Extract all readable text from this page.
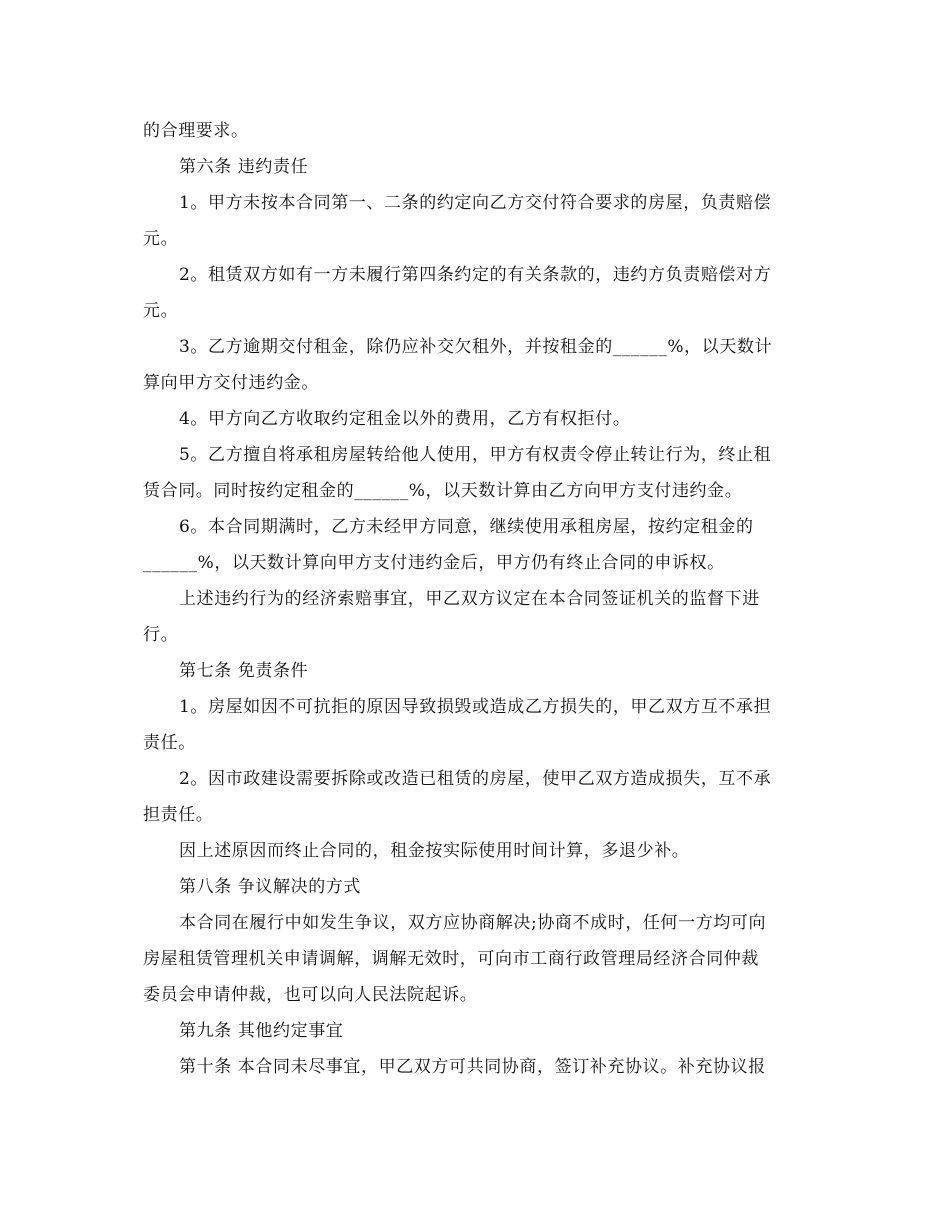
的合理要求。
第六条 违约责任
1。甲方未按本合同第一、二条的约定向乙方交付符合要求的房屋，负责赔偿
元。
2。租赁双方如有一方未履行第四条约定的有关条款的，违约方负责赔偿对方
元。
3。乙方逾期交付租金，除仍应补交欠租外，并按租金的______%，以天数计
算向甲方交付违约金。
4。甲方向乙方收取约定租金以外的费用，乙方有权拒付。
5。乙方擅自将承租房屋转给他人使用，甲方有权责令停止转让行为，终止租
赁合同。同时按约定租金的______%，以天数计算由乙方向甲方支付违约金。
6。本合同期满时，乙方未经甲方同意，继续使用承租房屋，按约定租金的
______%，以天数计算向甲方支付违约金后，甲方仍有终止合同的申诉权。
上述违约行为的经济索赔事宜，甲乙双方议定在本合同签证机关的监督下进
行。
第七条 免责条件
1。房屋如因不可抗拒的原因导致损毁或造成乙方损失的，甲乙双方互不承担
责任。
2。因市政建设需要拆除或改造已租赁的房屋，使甲乙双方造成损失，互不承
担责任。
因上述原因而终止合同的，租金按实际使用时间计算，多退少补。
第八条 争议解决的方式
本合同在履行中如发生争议，双方应协商解决;协商不成时，任何一方均可向
房屋租赁管理机关申请调解，调解无效时，可向市工商行政管理局经济合同仲裁
委员会申请仲裁，也可以向人民法院起诉。
第九条 其他约定事宜
第十条 本合同未尽事宜，甲乙双方可共同协商，签订补充协议。补充协议报
